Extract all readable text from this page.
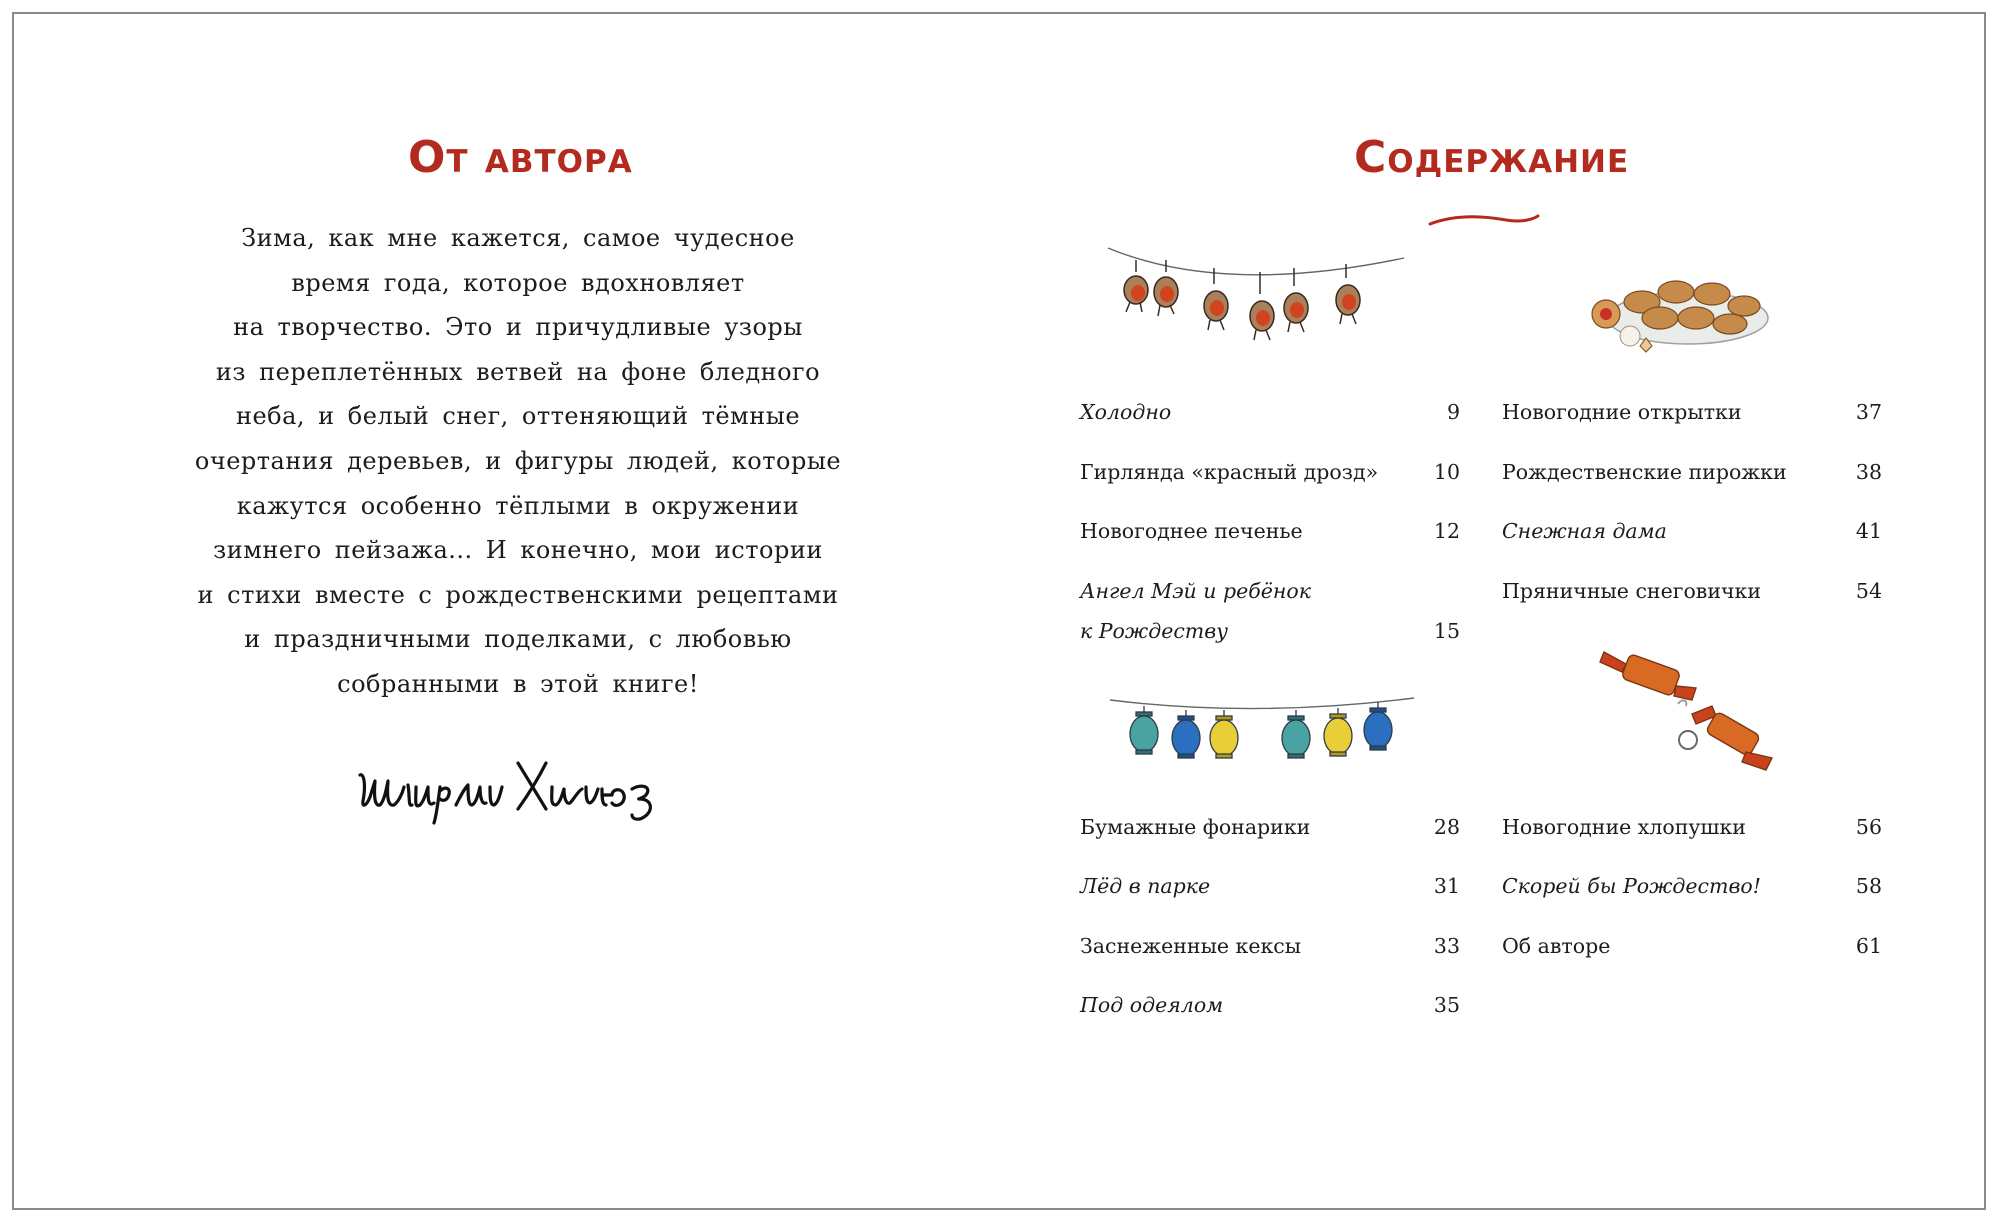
От автора
Зима, как мне кажется, самое чудесное
время года, которое вдохновляет
на творчество. Это и причудливые узоры
из переплетённых ветвей на фоне бледного
неба, и белый снег, оттеняющий тёмные
очертания деревьев, и фигуры людей, которые
кажутся особенно тёплыми в окружении
зимнего пейзажа... И конечно, мои истории
и стихи вместе с рождественскими рецептами
и праздничными поделками, с любовью
собранными в этой книге!
Содержание
Холодно	9
Гирлянда «красный дрозд»	10
Новогоднее печенье	12
Ангел Мэй и ребёнок
к Рождеству	15
Бумажные фонарики	28
Лёд в парке	31
Заснеженные кексы	33
Под одеялом	35
Новогодние открытки	37
Рождественские пирожки	38
Снежная дама	41
Пряничные снеговички	54
Новогодние хлопушки	56
Скорей бы Рождество!	58
Об авторе	61
